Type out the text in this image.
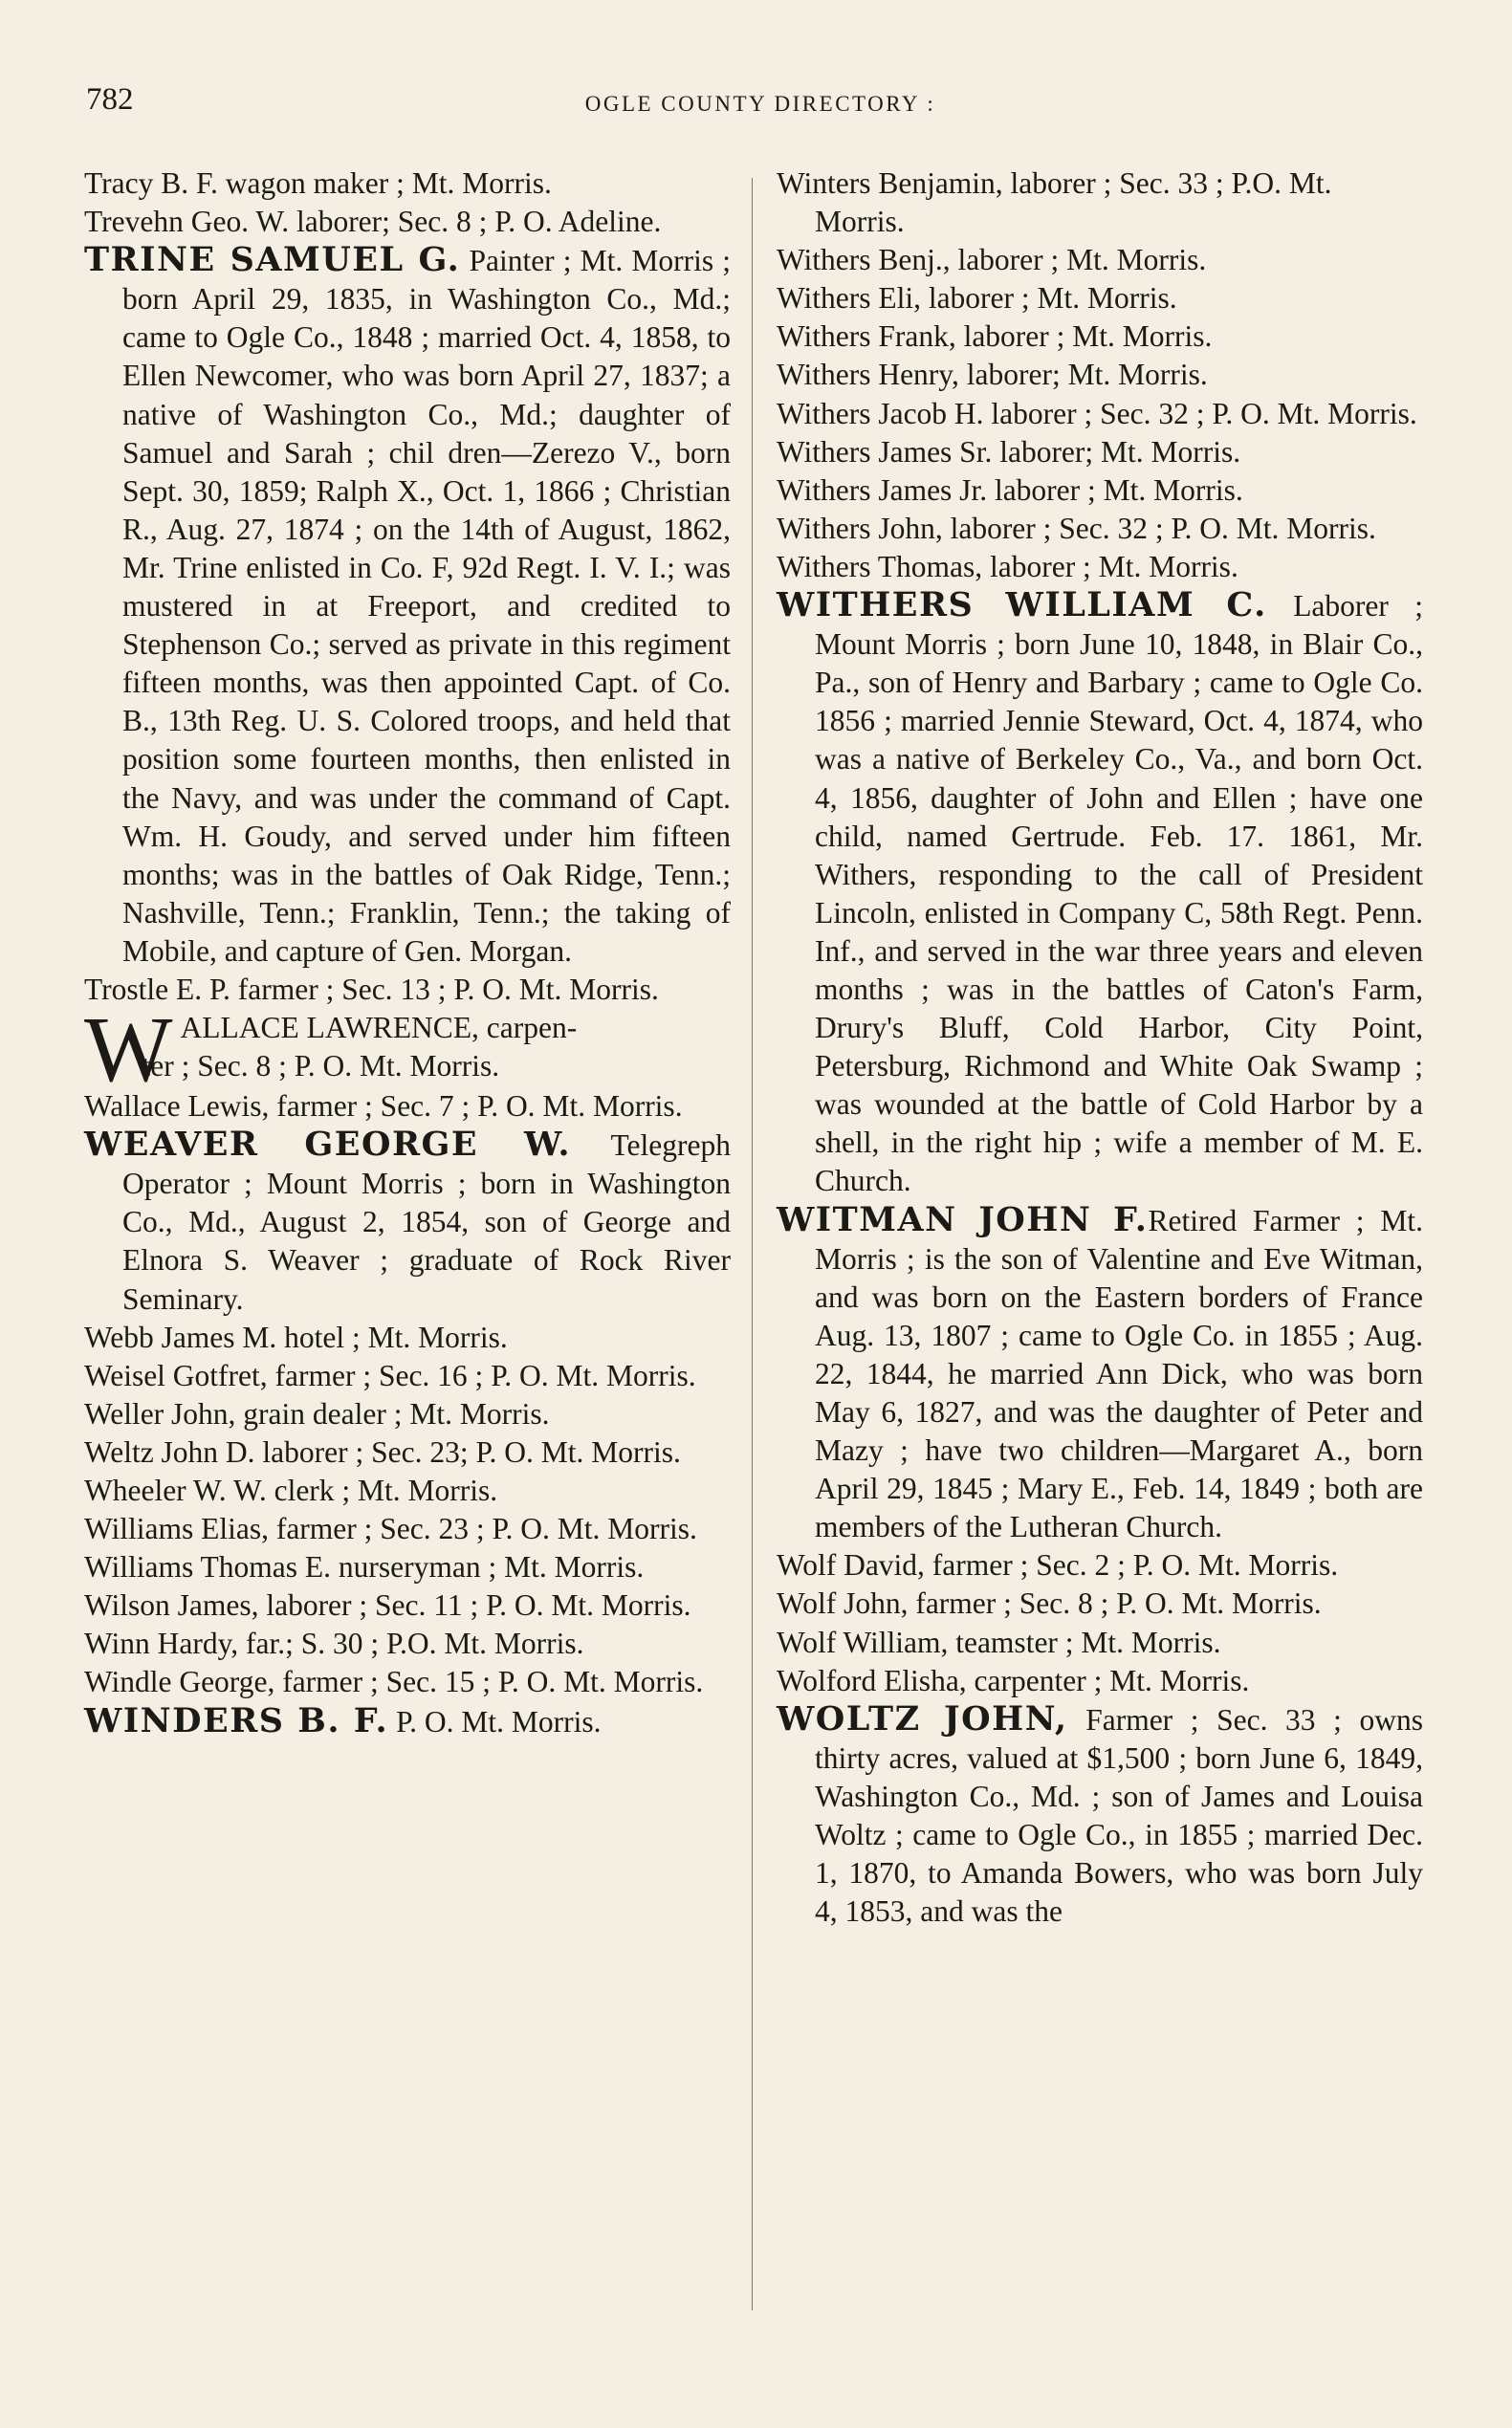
782	OGLE COUNTY DIRECTORY :

Tracy B. F. wagon maker ; Mt. Morris.

Trevehn Geo. W. laborer; Sec. 8 ; P. O. Adeline.

TRINE SAMUEL G. Painter ; Mt. Morris ; born April 29, 1835, in Washington Co., Md.; came to Ogle Co., 1848 ; married Oct. 4, 1858, to Ellen Newcomer, who was born April 27, 1837; a native of Washington Co., Md.; daughter of Samuel and Sarah ; chil dren—Zerezo V., born Sept. 30, 1859; Ralph X., Oct. 1, 1866 ; Christian R., Aug. 27, 1874 ; on the 14th of August, 1862, Mr. Trine enlisted in Co. F, 92d Regt. I. V. I.; was mustered in at Freeport, and credited to Stephenson Co.; served as private in this regiment fifteen months, was then appointed Capt. of Co. B., 13th Reg. U. S. Colored troops, and held that position some fourteen months, then enlisted in the Navy, and was under the command of Capt. Wm. H. Goudy, and served under him fifteen months; was in the battles of Oak Ridge, Tenn.; Nashville, Tenn.; Franklin, Tenn.; the taking of Mobile, and capture of Gen. Morgan.

Trostle E. P. farmer ; Sec. 13 ; P. O. Mt. Morris.

WALLACE LAWRENCE, carpen-
ter ; Sec. 8 ; P. O. Mt. Morris.

Wallace Lewis, farmer ; Sec. 7 ; P. O. Mt. Morris.

WEAVER GEORGE W. Telegreph Operator ; Mount Morris ; born in Washington Co., Md., August 2, 1854, son of George and Elnora S. Weaver ; graduate of Rock River Seminary.

Webb James M. hotel ; Mt. Morris.

Weisel Gotfret, farmer ; Sec. 16 ; P. O. Mt. Morris.

Weller John, grain dealer ; Mt. Morris.

Weltz John D. laborer ; Sec. 23; P. O. Mt. Morris.

Wheeler W. W. clerk ; Mt. Morris.

Williams Elias, farmer ; Sec. 23 ; P. O. Mt. Morris.

Williams Thomas E. nurseryman ; Mt. Morris.

Wilson James, laborer ; Sec. 11 ; P. O. Mt. Morris.

Winn Hardy, far.; S. 30 ; P.O. Mt. Morris.

Windle George, farmer ; Sec. 15 ; P. O. Mt. Morris.

WINDERS B. F. P. O. Mt. Morris.

Winters Benjamin, laborer ; Sec. 33 ; P.O. Mt. Morris.

Withers Benj., laborer ; Mt. Morris.

Withers Eli, laborer ; Mt. Morris.

Withers Frank, laborer ; Mt. Morris.

Withers Henry, laborer; Mt. Morris.

Withers Jacob H. laborer ; Sec. 32 ; P. O. Mt. Morris.

Withers James Sr. laborer; Mt. Morris.

Withers James Jr. laborer ; Mt. Morris.

Withers John, laborer ; Sec. 32 ; P. O. Mt. Morris.

Withers Thomas, laborer ; Mt. Morris.

WITHERS WILLIAM C. Laborer ; Mount Morris ; born June 10, 1848, in Blair Co., Pa., son of Henry and Barbary ; came to Ogle Co. 1856 ; married Jennie Steward, Oct. 4, 1874, who was a native of Berkeley Co., Va., and born Oct. 4, 1856, daughter of John and Ellen ; have one child, named Gertrude. Feb. 17. 1861, Mr. Withers, responding to the call of President Lincoln, enlisted in Company C, 58th Regt. Penn. Inf., and served in the war three years and eleven months ; was in the battles of Caton's Farm, Drury's Bluff, Cold Harbor, City Point, Petersburg, Richmond and White Oak Swamp ; was wounded at the battle of Cold Harbor by a shell, in the right hip ; wife a member of M. E. Church.

WITMAN JOHN F.Retired Farmer ; Mt. Morris ; is the son of Valentine and Eve Witman, and was born on the Eastern borders of France Aug. 13, 1807 ; came to Ogle Co. in 1855 ; Aug. 22, 1844, he married Ann Dick, who was born May 6, 1827, and was the daughter of Peter and Mazy ; have two children—Margaret A., born April 29, 1845 ; Mary E., Feb. 14, 1849 ; both are members of the Lutheran Church.

Wolf David, farmer ; Sec. 2 ; P. O. Mt. Morris.

Wolf John, farmer ; Sec. 8 ; P. O. Mt. Morris.

Wolf William, teamster ; Mt. Morris.

Wolford Elisha, carpenter ; Mt. Morris.

WOLTZ JOHN, Farmer ; Sec. 33 ; owns thirty acres, valued at $1,500 ; born June 6, 1849, Washington Co., Md. ; son of James and Louisa Woltz ; came to Ogle Co., in 1855 ; married Dec. 1, 1870, to Amanda Bowers, who was born July 4, 1853, and was the
